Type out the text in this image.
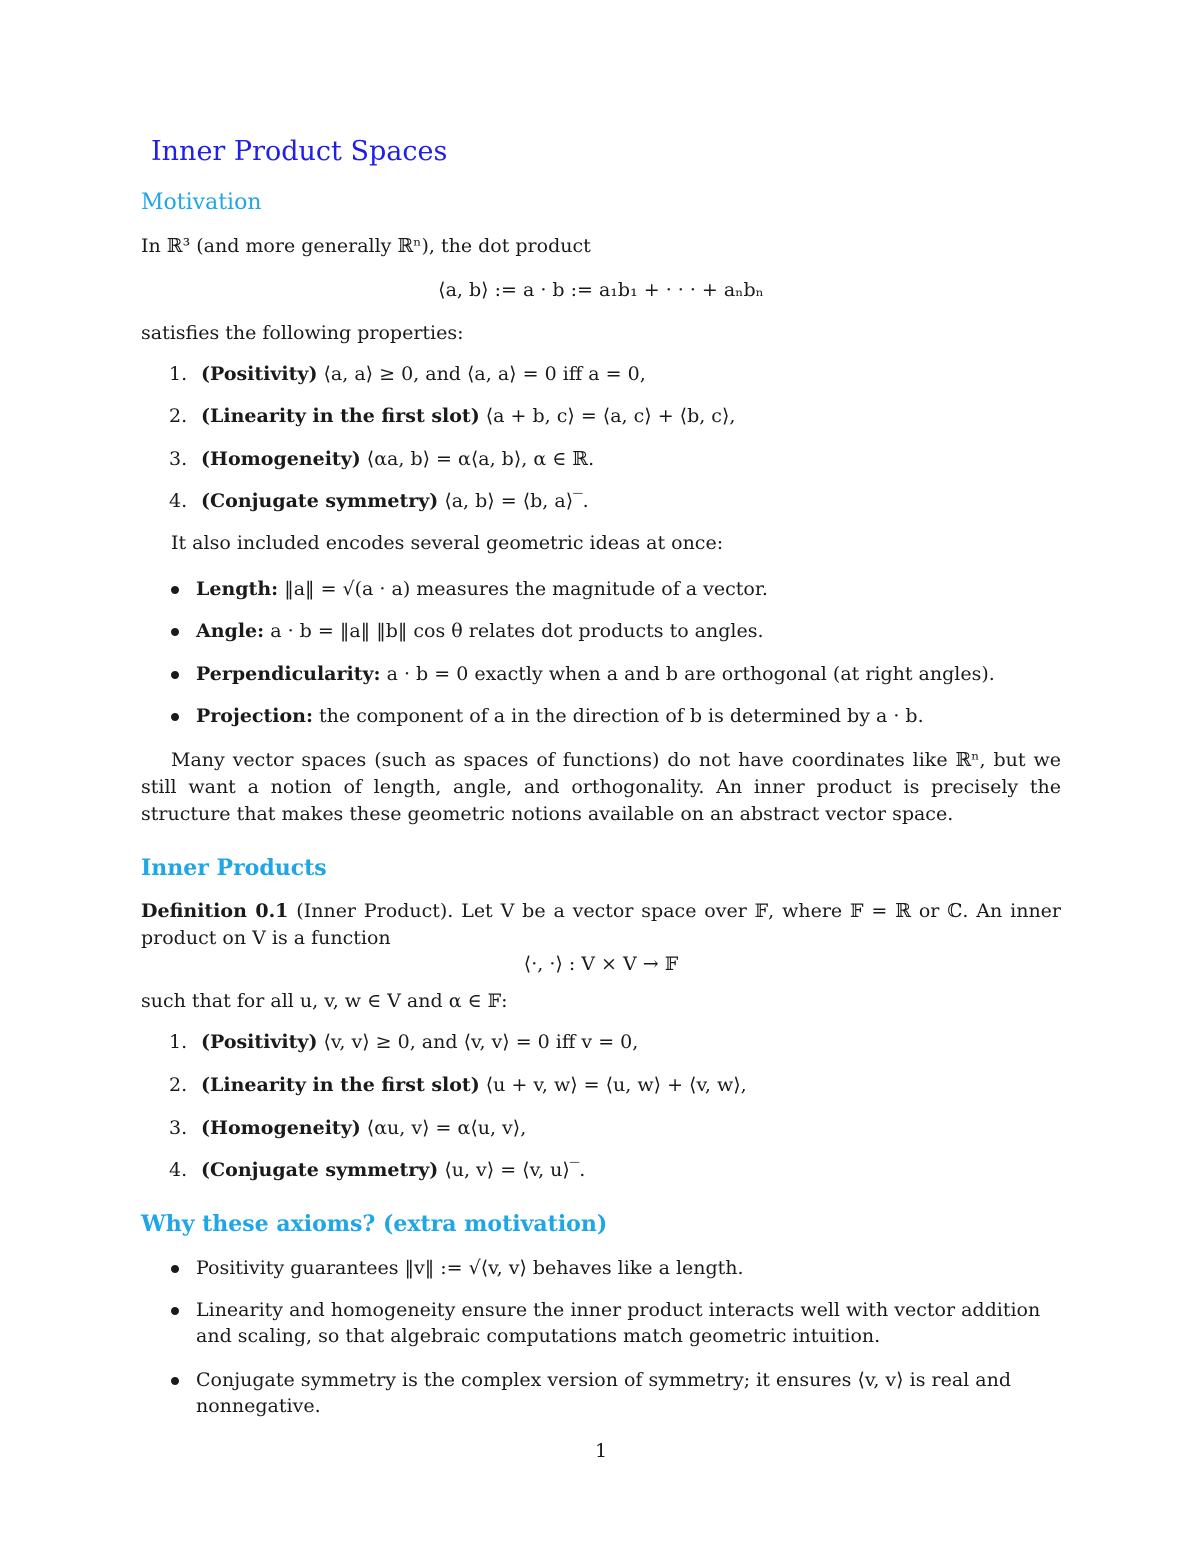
Inner Product Spaces
Motivation
In ℝ³ (and more generally ℝⁿ), the dot product
⟨a, b⟩ := a · b := a₁b₁ + · · · + aₙbₙ
satisfies the following properties:
1. (Positivity) ⟨a, a⟩ ≥ 0, and ⟨a, a⟩ = 0 iff a = 0,
2. (Linearity in the first slot) ⟨a + b, c⟩ = ⟨a, c⟩ + ⟨b, c⟩,
3. (Homogeneity) ⟨αa, b⟩ = α⟨a, b⟩, α ∈ ℝ.
4. (Conjugate symmetry) ⟨a, b⟩ = ⟨b, a⟩‾.
It also included encodes several geometric ideas at once:
Length: ‖a‖ = √(a · a) measures the magnitude of a vector.
Angle: a · b = ‖a‖ ‖b‖ cos θ relates dot products to angles.
Perpendicularity: a · b = 0 exactly when a and b are orthogonal (at right angles).
Projection: the component of a in the direction of b is determined by a · b.
Many vector spaces (such as spaces of functions) do not have coordinates like ℝⁿ, but we still want a notion of length, angle, and orthogonality. An inner product is precisely the structure that makes these geometric notions available on an abstract vector space.
Inner Products
Definition 0.1 (Inner Product). Let V be a vector space over 𝔽, where 𝔽 = ℝ or ℂ. An inner product on V is a function
⟨·, ·⟩ : V × V → 𝔽
such that for all u, v, w ∈ V and α ∈ 𝔽:
1. (Positivity) ⟨v, v⟩ ≥ 0, and ⟨v, v⟩ = 0 iff v = 0,
2. (Linearity in the first slot) ⟨u + v, w⟩ = ⟨u, w⟩ + ⟨v, w⟩,
3. (Homogeneity) ⟨αu, v⟩ = α⟨u, v⟩,
4. (Conjugate symmetry) ⟨u, v⟩ = ⟨v, u⟩‾.
Why these axioms? (extra motivation)
Positivity guarantees ‖v‖ := √⟨v, v⟩ behaves like a length.
Linearity and homogeneity ensure the inner product interacts well with vector addition and scaling, so that algebraic computations match geometric intuition.
Conjugate symmetry is the complex version of symmetry; it ensures ⟨v, v⟩ is real and nonnegative.
1
